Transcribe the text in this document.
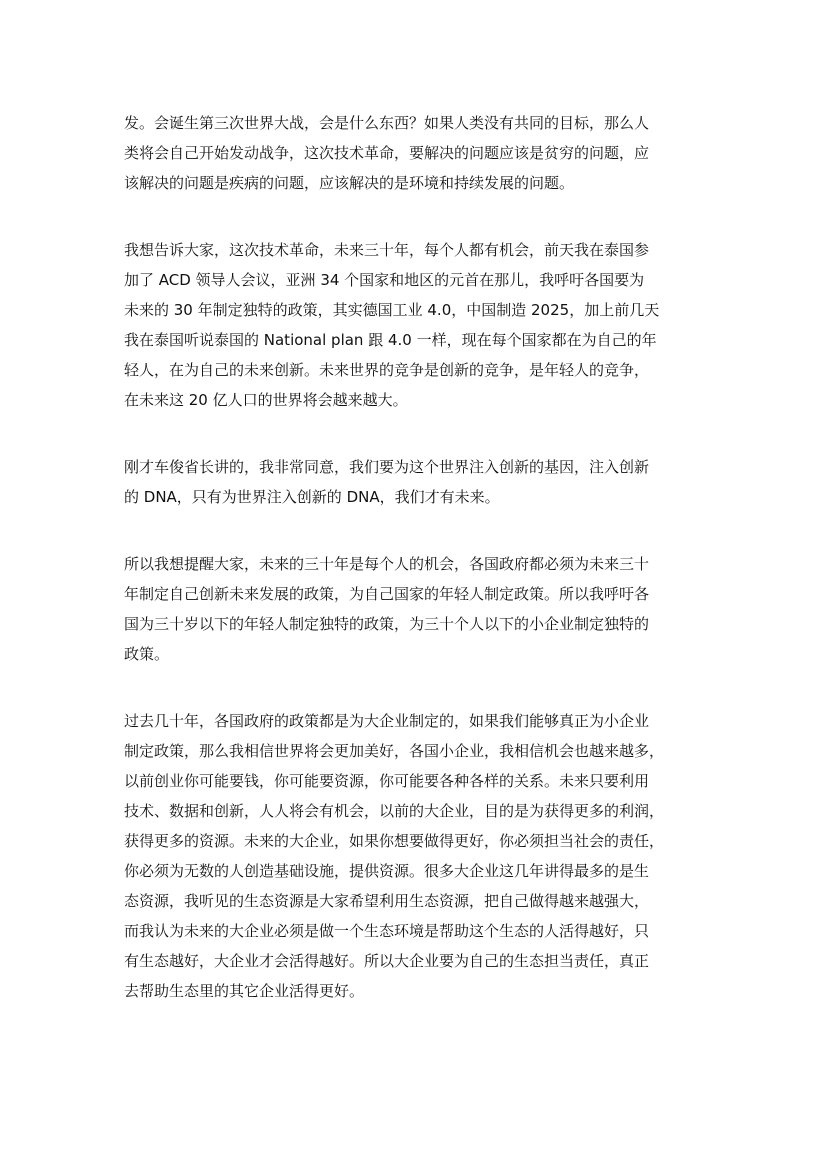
发。会诞生第三次世界大战，会是什么东西？如果人类没有共同的目标，那么人
类将会自己开始发动战争，这次技术革命，要解决的问题应该是贫穷的问题，应
该解决的问题是疾病的问题，应该解决的是环境和持续发展的问题。
我想告诉大家，这次技术革命，未来三十年，每个人都有机会，前天我在泰国参
加了 ACD 领导人会议，亚洲 34 个国家和地区的元首在那儿，我呼吁各国要为
未来的 30 年制定独特的政策，其实德国工业 4.0，中国制造 2025，加上前几天
我在泰国听说泰国的 National plan 跟 4.0 一样，现在每个国家都在为自己的年
轻人，在为自己的未来创新。未来世界的竞争是创新的竞争，是年轻人的竞争，
在未来这 20 亿人口的世界将会越来越大。
刚才车俊省长讲的，我非常同意，我们要为这个世界注入创新的基因，注入创新
的 DNA，只有为世界注入创新的 DNA，我们才有未来。
所以我想提醒大家，未来的三十年是每个人的机会，各国政府都必须为未来三十
年制定自己创新未来发展的政策，为自己国家的年轻人制定政策。所以我呼吁各
国为三十岁以下的年轻人制定独特的政策，为三十个人以下的小企业制定独特的
政策。
过去几十年，各国政府的政策都是为大企业制定的，如果我们能够真正为小企业
制定政策，那么我相信世界将会更加美好，各国小企业，我相信机会也越来越多，
以前创业你可能要钱，你可能要资源，你可能要各种各样的关系。未来只要利用
技术、数据和创新，人人将会有机会，以前的大企业，目的是为获得更多的利润，
获得更多的资源。未来的大企业，如果你想要做得更好，你必须担当社会的责任，
你必须为无数的人创造基础设施，提供资源。很多大企业这几年讲得最多的是生
态资源，我听见的生态资源是大家希望利用生态资源，把自己做得越来越强大，
而我认为未来的大企业必须是做一个生态环境是帮助这个生态的人活得越好，只
有生态越好，大企业才会活得越好。所以大企业要为自己的生态担当责任，真正
去帮助生态里的其它企业活得更好。
